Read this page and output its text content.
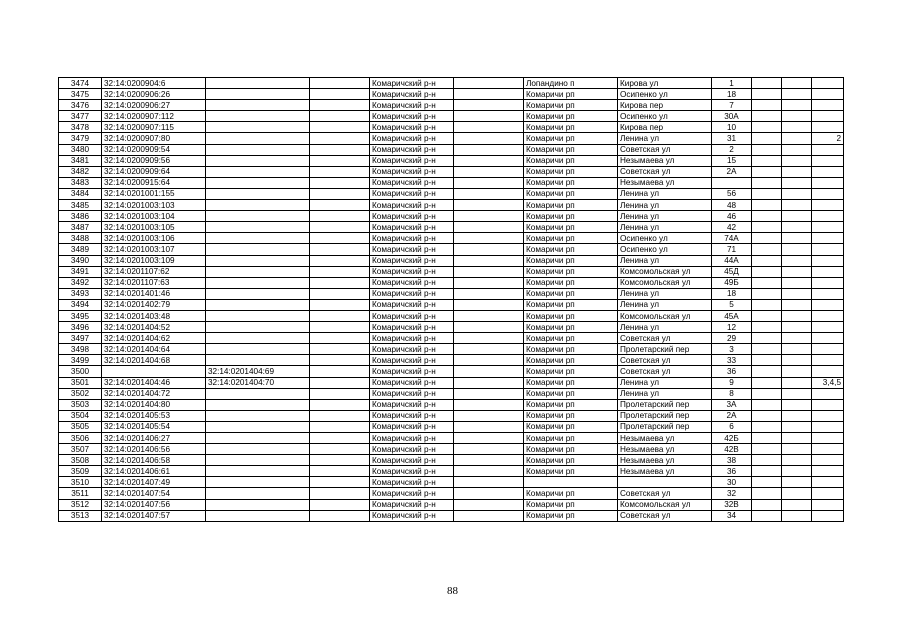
3474	32:14:0200904:6			Комаричский р-н		Лопандино п	Кирова ул	1			
3475	32:14:0200906:26			Комаричский р-н		Комаричи рп	Осипенко ул	18			
3476	32:14:0200906:27			Комаричский р-н		Комаричи рп	Кирова пер	7			
3477	32:14:0200907:112			Комаричский р-н		Комаричи рп	Осипенко ул	30А			
3478	32:14:0200907:115			Комаричский р-н		Комаричи рп	Кирова пер	10			
3479	32:14:0200907:80			Комаричский р-н		Комаричи рп	Ленина ул	31			2
3480	32:14:0200909:54			Комаричский р-н		Комаричи рп	Советская ул	2			
3481	32:14:0200909:56			Комаричский р-н		Комаричи рп	Незымаева ул	15			
3482	32:14:0200909:64			Комаричский р-н		Комаричи рп	Советская ул	2А			
3483	32:14:0200915:64			Комаричский р-н		Комаричи рп	Незымаева ул				
3484	32:14:0201001:155			Комаричский р-н		Комаричи рп	Ленина ул	56			
3485	32:14:0201003:103			Комаричский р-н		Комаричи рп	Ленина ул	48			
3486	32:14:0201003:104			Комаричский р-н		Комаричи рп	Ленина ул	46			
3487	32:14:0201003:105			Комаричский р-н		Комаричи рп	Ленина ул	42			
3488	32:14:0201003:106			Комаричский р-н		Комаричи рп	Осипенко ул	74А			
3489	32:14:0201003:107			Комаричский р-н		Комаричи рп	Осипенко ул	71			
3490	32:14:0201003:109			Комаричский р-н		Комаричи рп	Ленина ул	44А			
3491	32:14:0201107:62			Комаричский р-н		Комаричи рп	Комсомольская ул	45Д			
3492	32:14:0201107:63			Комаричский р-н		Комаричи рп	Комсомольская ул	49Б			
3493	32:14:0201401:46			Комаричский р-н		Комаричи рп	Ленина ул	18			
3494	32:14:0201402:79			Комаричский р-н		Комаричи рп	Ленина ул	5			
3495	32:14:0201403:48			Комаричский р-н		Комаричи рп	Комсомольская ул	45А			
3496	32:14:0201404:52			Комаричский р-н		Комаричи рп	Ленина ул	12			
3497	32:14:0201404:62			Комаричский р-н		Комаричи рп	Советская ул	29			
3498	32:14:0201404:64			Комаричский р-н		Комаричи рп	Пролетарский пер	3			
3499	32:14:0201404:68			Комаричский р-н		Комаричи рп	Советская ул	33			
3500		32:14:0201404:69		Комаричский р-н		Комаричи рп	Советская ул	36			
3501	32:14:0201404:46	32:14:0201404:70		Комаричский р-н		Комаричи рп	Ленина ул	9			3,4,5
3502	32:14:0201404:72			Комаричский р-н		Комаричи рп	Ленина ул	8			
3503	32:14:0201404:80			Комаричский р-н		Комаричи рп	Пролетарский пер	3А			
3504	32:14:0201405:53			Комаричский р-н		Комаричи рп	Пролетарский пер	2А			
3505	32:14:0201405:54			Комаричский р-н		Комаричи рп	Пролетарский пер	6			
3506	32:14:0201406:27			Комаричский р-н		Комаричи рп	Незымаева ул	42Б			
3507	32:14:0201406:56			Комаричский р-н		Комаричи рп	Незымаева ул	42В			
3508	32:14:0201406:58			Комаричский р-н		Комаричи рп	Незымаева ул	38			
3509	32:14:0201406:61			Комаричский р-н		Комаричи рп	Незымаева ул	36			
3510	32:14:0201407:49			Комаричский р-н				30			
3511	32:14:0201407:54			Комаричский р-н		Комаричи рп	Советская ул	32			
3512	32:14:0201407:56			Комаричский р-н		Комаричи рп	Комсомольская ул	32В			
3513	32:14:0201407:57			Комаричский р-н		Комаричи рп	Советская ул	34			
88
